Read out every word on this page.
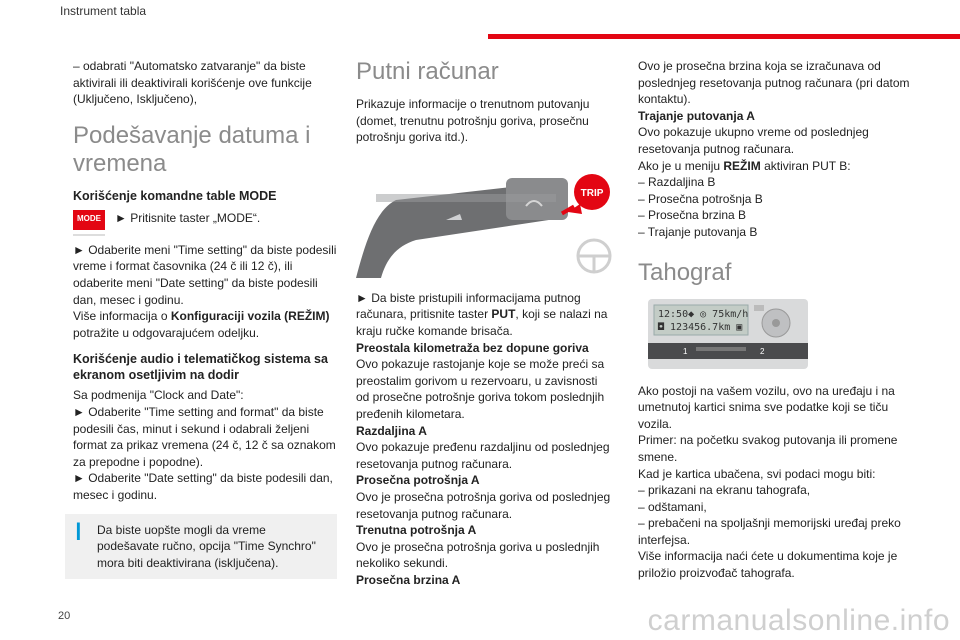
Instrument tabla

– odabrati "Automatsko zatvaranje" da biste aktivirali ili deaktivirali korišćenje ove funkcije (Uključeno, Isključeno),

Podešavanje datuma i vremena
Korišćenje komandne table MODE
MODE	► Pritisnite taster „MODE“.

► Odaberite meni "Time setting" da biste podesili vreme i format časovnika (24 č ili 12 č), ili odaberite meni "Date setting" da biste podesili dan, mesec i godinu.

Više informacija o Konfiguraciji vozila (REŽIM) potražite u odgovarajućem odeljku.

Korišćenje audio i telematičkog sistema sa ekranom osetljivim na dodir

Sa podmenija "Clock and Date":

► Odaberite "Time setting and format" da biste podesili čas, minut i sekund i odabrali željeni format za prikaz vremena (24 č, 12 č sa oznakom za prepodne i popodne).

► Odaberite "Date setting" da biste podesili dan, mesec i godinu.

ǀ	Da biste uopšte mogli da vreme podešavate ručno, opcija "Time Synchro" mora biti deaktivirana (isključena).
Putni računar

Prikazuje informacije o trenutnom putovanju (domet, trenutnu potrošnju goriva, prosečnu potrošnju goriva itd.).

TRIP

► Da biste pristupili informacijama putnog računara, pritisnite taster PUT, koji se nalazi na kraju ručke komande brisača.

Preostala kilometraža bez dopune goriva

Ovo pokazuje rastojanje koje se može preći sa preostalim gorivom u rezervoaru, u zavisnosti od prosečne potrošnje goriva tokom poslednjih pređenih kilometara.

Razdaljina A

Ovo pokazuje pređenu razdaljinu od poslednjeg resetovanja putnog računara.

Prosečna potrošnja A

Ovo je prosečna potrošnja goriva od poslednjeg resetovanja putnog računara.

Trenutna potrošnja A

Ovo je prosečna potrošnja goriva u poslednjih nekoliko sekundi.

Prosečna brzina A

Ovo je prosečna brzina koja se izračunava od poslednjeg resetovanja putnog računara (pri datom kontaktu).

Trajanje putovanja A

Ovo pokazuje ukupno vreme od poslednjeg resetovanja putnog računara.

Ako je u meniju REŽIM aktiviran PUT B:

– Razdaljina B

– Prosečna potrošnja B

– Prosečna brzina B

– Trajanje putovanja B

Tahograf
12:50◆ ◎ 75km/h
◘ 123456.7km ▣
1	2

Ako postoji na vašem vozilu, ovo na uređaju i na umetnutoj kartici snima sve podatke koji se tiču vozila.

Primer: na početku svakog putovanja ili promene smene.

Kad je kartica ubačena, svi podaci mogu biti:

– prikazani na ekranu tahografa,

– odštamani,

– prebačeni na spoljašnji memorijski uređaj preko interfejsa.

Više informacija naći ćete u dokumentima koje je priložio proizvođač tahografa.

20	carmanualsonline.info
